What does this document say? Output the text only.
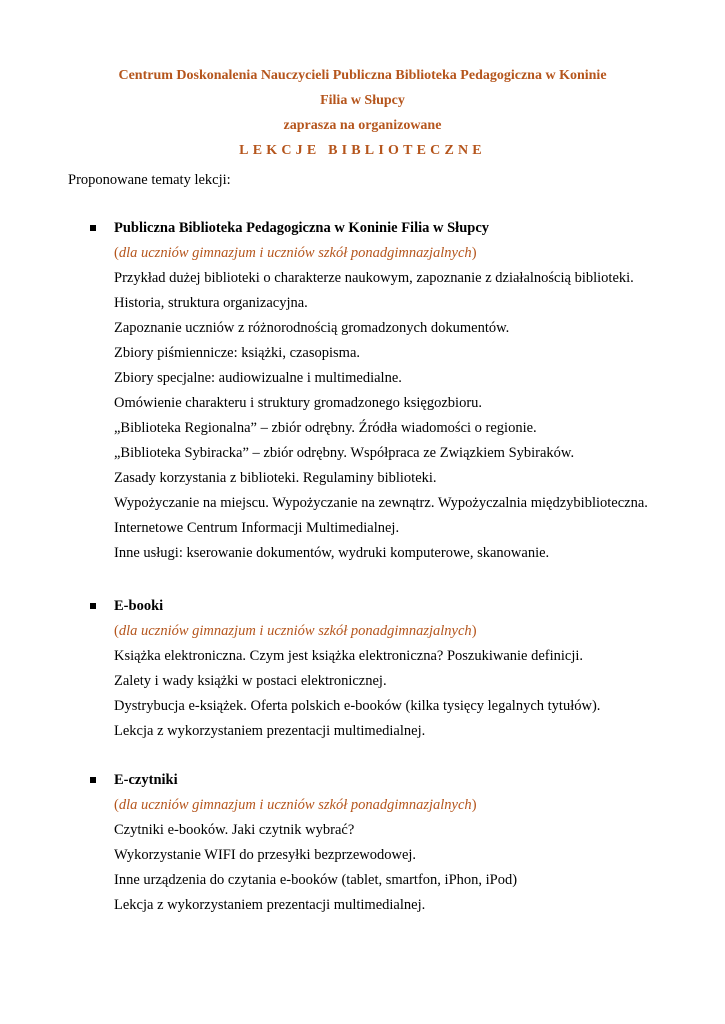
Centrum Doskonalenia Nauczycieli Publiczna Biblioteka Pedagogiczna w Koninie
Filia w Słupcy
zaprasza na organizowane
LEKCJE BIBLIOTECZNE
Proponowane tematy lekcji:
Publiczna Biblioteka Pedagogiczna w Koninie Filia w Słupcy
(dla uczniów gimnazjum i uczniów szkół ponadgimnazjalnych)
Przykład dużej biblioteki o charakterze naukowym, zapoznanie z działalnością biblioteki.
Historia, struktura organizacyjna.
Zapoznanie uczniów z różnorodnością gromadzonych dokumentów.
Zbiory piśmiennicze: książki, czasopisma.
Zbiory specjalne: audiowizualne i multimedialne.
Omówienie charakteru i struktury gromadzonego księgozbioru.
„Biblioteka Regionalna” – zbiór odrębny. Źródła wiadomości o regionie.
„Biblioteka Sybiracka” – zbiór odrębny. Współpraca ze Związkiem Sybiraków.
Zasady korzystania z biblioteki. Regulaminy biblioteki.
Wypożyczanie na miejscu. Wypożyczanie na zewnątrz. Wypożyczalnia międzybiblioteczna.
Internetowe Centrum Informacji Multimedialnej.
Inne usługi: kserowanie dokumentów, wydruki komputerowe, skanowanie.
E-booki
(dla uczniów gimnazjum i uczniów szkół ponadgimnazjalnych)
Książka elektroniczna. Czym jest książka elektroniczna? Poszukiwanie definicji.
Zalety i wady książki w postaci elektronicznej.
Dystrybucja e-książek. Oferta polskich e-booków (kilka tysięcy legalnych tytułów).
Lekcja z wykorzystaniem prezentacji multimedialnej.
E-czytniki
(dla uczniów gimnazjum i uczniów szkół ponadgimnazjalnych)
Czytniki e-booków. Jaki czytnik wybrać?
Wykorzystanie WIFI do przesyłki bezprzewodowej.
Inne urządzenia do czytania e-booków (tablet, smartfon, iPhon, iPod)
Lekcja z wykorzystaniem prezentacji multimedialnej.
